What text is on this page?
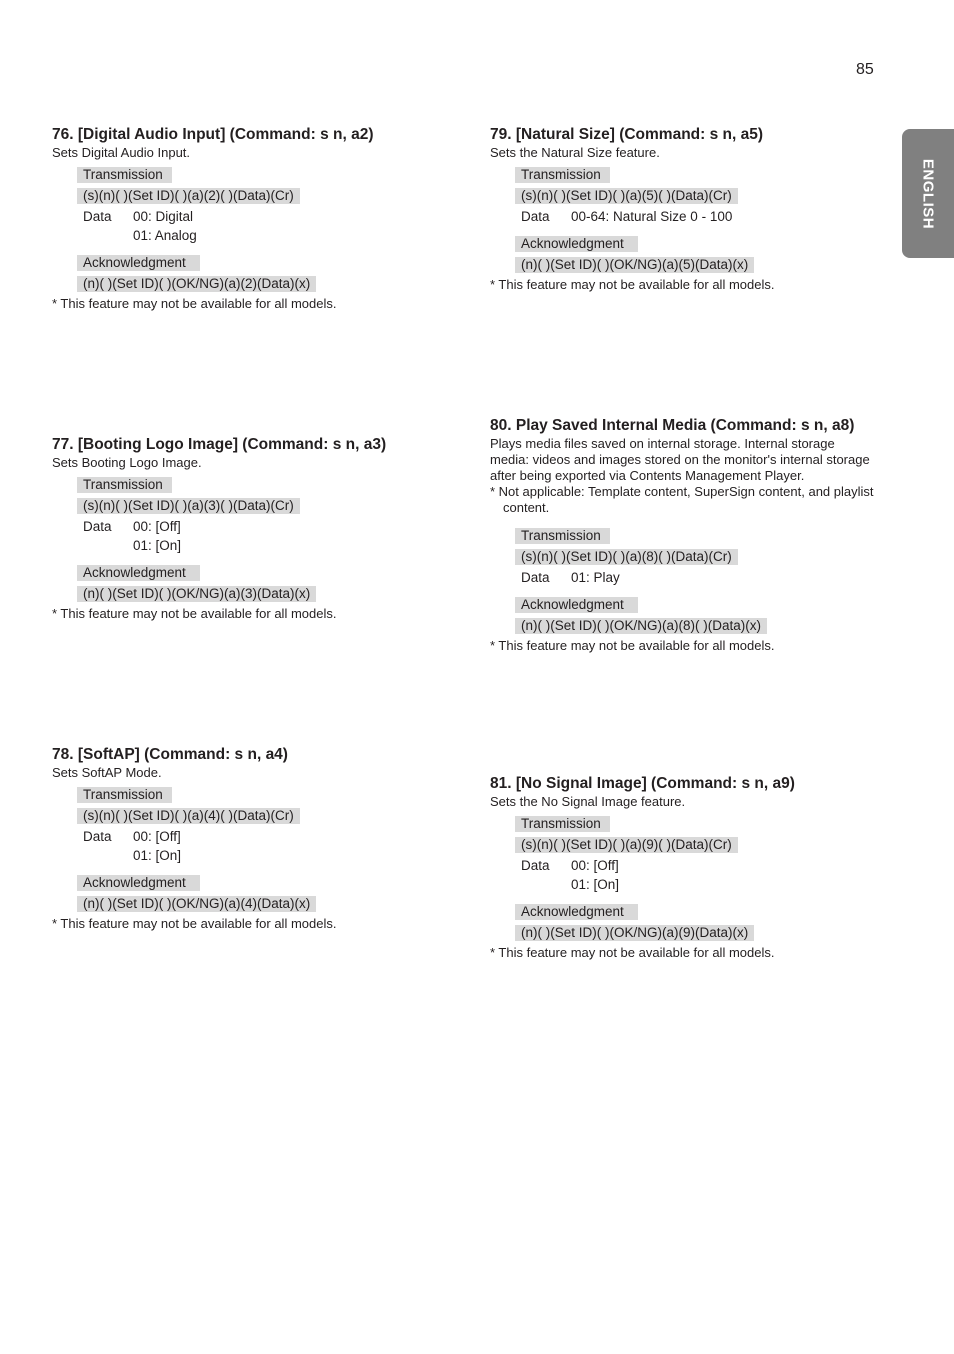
85
ENGLISH

76. [Digital Audio Input] (Command: s n, a2)

Sets Digital Audio Input.

Transmission
(s)(n)( )(Set ID)( )(a)(2)( )(Data)(Cr)
Data	00: Digital
01: Analog
Acknowledgment
(n)( )(Set ID)( )(OK/NG)(a)(2)(Data)(x)
* This feature may not be available for all models.

77. [Booting Logo Image] (Command: s n, a3)

Sets Booting Logo Image.

Transmission
(s)(n)( )(Set ID)( )(a)(3)( )(Data)(Cr)
Data	00: [Off]
01: [On]
Acknowledgment
(n)( )(Set ID)( )(OK/NG)(a)(3)(Data)(x)
* This feature may not be available for all models.

78. [SoftAP] (Command: s n, a4)

Sets SoftAP Mode.

Transmission
(s)(n)( )(Set ID)( )(a)(4)( )(Data)(Cr)
Data	00: [Off]
01: [On]
Acknowledgment
(n)( )(Set ID)( )(OK/NG)(a)(4)(Data)(x)
* This feature may not be available for all models.

79. [Natural Size] (Command: s n, a5)

Sets the Natural Size feature.

Transmission
(s)(n)( )(Set ID)( )(a)(5)( )(Data)(Cr)
Data	00-64: Natural Size 0 - 100
Acknowledgment
(n)( )(Set ID)( )(OK/NG)(a)(5)(Data)(x)
* This feature may not be available for all models.

80. Play Saved Internal Media (Command: s n, a8)

Plays media files saved on internal storage. Internal storage media: videos and images stored on the monitor's internal storage after being exported via Contents Management Player.

* Not applicable: Template content, SuperSign content, and playlist content.

Transmission
(s)(n)( )(Set ID)( )(a)(8)( )(Data)(Cr)
Data	01: Play
Acknowledgment
(n)( )(Set ID)( )(OK/NG)(a)(8)( )(Data)(x)
* This feature may not be available for all models.

81. [No Signal Image] (Command: s n, a9)

Sets the No Signal Image feature.

Transmission
(s)(n)( )(Set ID)( )(a)(9)( )(Data)(Cr)
Data	00: [Off]
01: [On]
Acknowledgment
(n)( )(Set ID)( )(OK/NG)(a)(9)(Data)(x)
* This feature may not be available for all models.
